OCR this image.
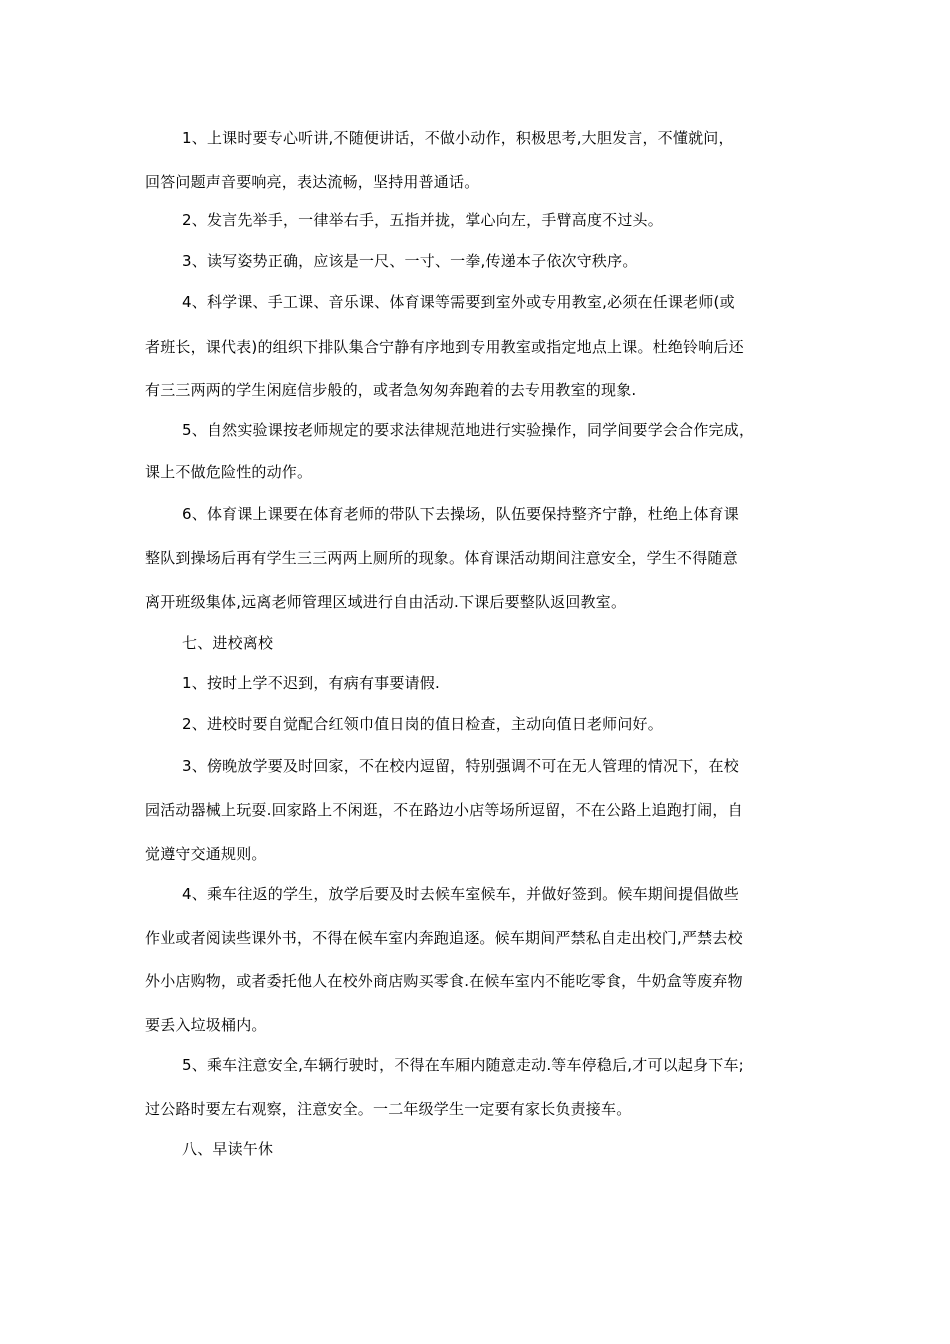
1、上课时要专心听讲,不随便讲话，不做小动作，积极思考,大胆发言，不懂就问，
回答问题声音要响亮，表达流畅，坚持用普通话。
2、发言先举手，一律举右手，五指并拢，掌心向左，手臂高度不过头。
3、读写姿势正确，应该是一尺、一寸、一拳,传递本子依次守秩序。
4、科学课、手工课、音乐课、体育课等需要到室外或专用教室,必须在任课老师(或
者班长，课代表)的组织下排队集合宁静有序地到专用教室或指定地点上课。杜绝铃响后还
有三三两两的学生闲庭信步般的，或者急匆匆奔跑着的去专用教室的现象.
5、自然实验课按老师规定的要求法律规范地进行实验操作，同学间要学会合作完成，
课上不做危险性的动作。
6、体育课上课要在体育老师的带队下去操场，队伍要保持整齐宁静，杜绝上体育课
整队到操场后再有学生三三两两上厕所的现象。体育课活动期间注意安全，学生不得随意
离开班级集体,远离老师管理区域进行自由活动.下课后要整队返回教室。
七、进校离校
1、按时上学不迟到，有病有事要请假.
2、进校时要自觉配合红领巾值日岗的值日检查，主动向值日老师问好。
3、傍晚放学要及时回家，不在校内逗留，特别强调不可在无人管理的情况下，在校
园活动器械上玩耍.回家路上不闲逛，不在路边小店等场所逗留，不在公路上追跑打闹，自
觉遵守交通规则。
4、乘车往返的学生，放学后要及时去候车室候车，并做好签到。候车期间提倡做些
作业或者阅读些课外书，不得在候车室内奔跑追逐。候车期间严禁私自走出校门,严禁去校
外小店购物，或者委托他人在校外商店购买零食.在候车室内不能吃零食，牛奶盒等废弃物
要丢入垃圾桶内。
5、乘车注意安全,车辆行驶时，不得在车厢内随意走动.等车停稳后,才可以起身下车;
过公路时要左右观察，注意安全。一二年级学生一定要有家长负责接车。
八、早读午休
